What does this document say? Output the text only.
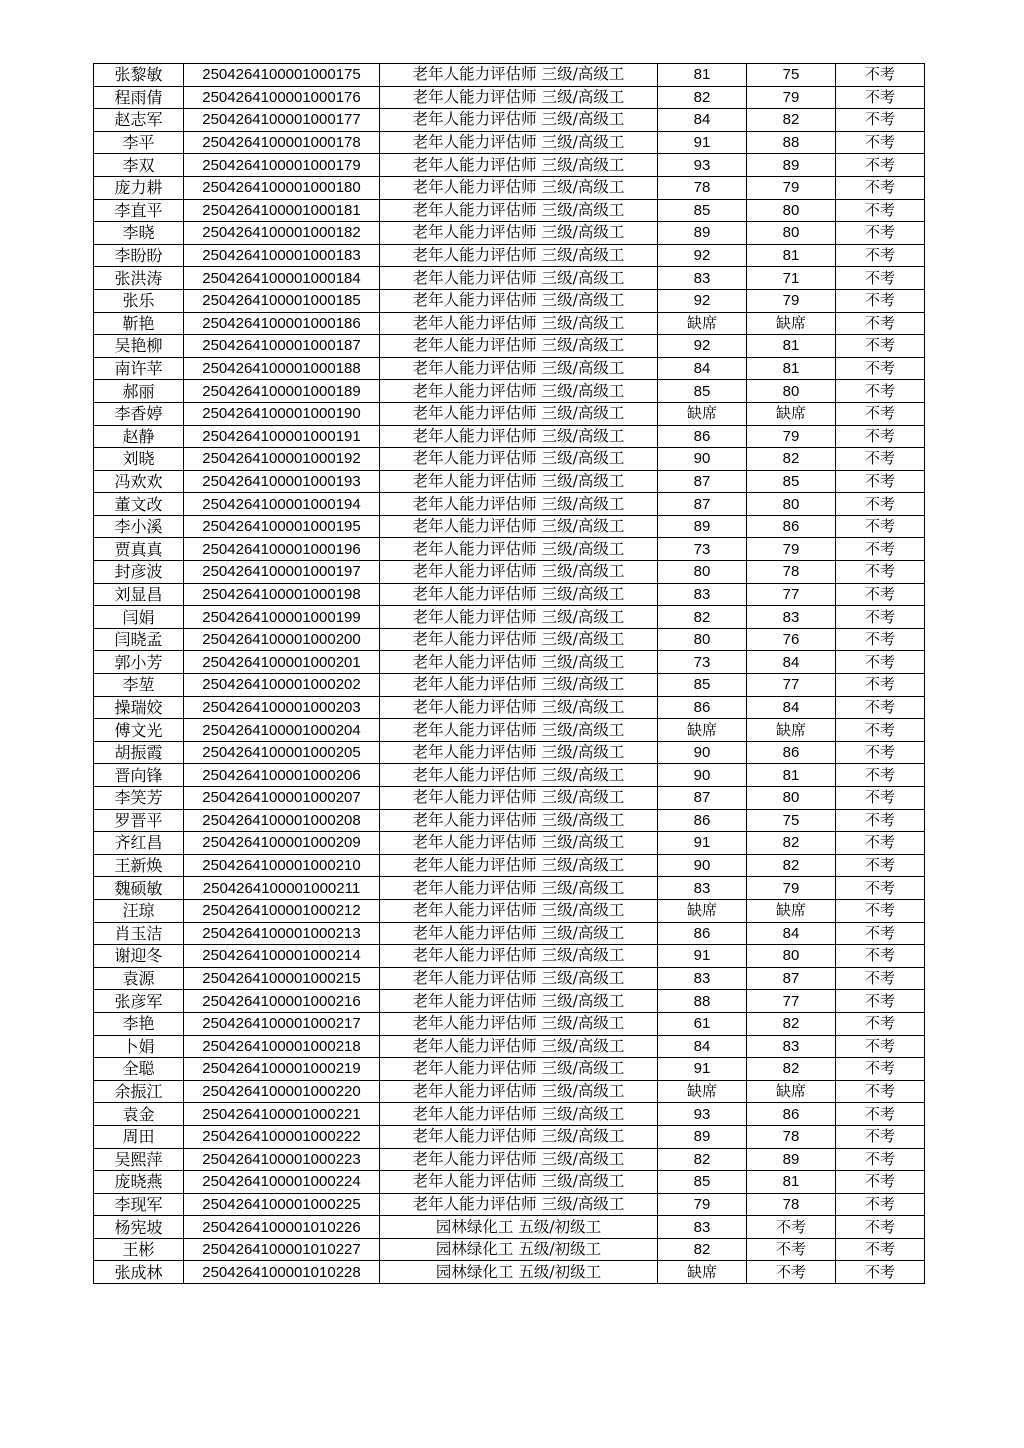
张黎敏	2504264100001000175	老年人能力评估师 三级/高级工	81	75	不考
程雨倩	2504264100001000176	老年人能力评估师 三级/高级工	82	79	不考
赵志军	2504264100001000177	老年人能力评估师 三级/高级工	84	82	不考
李平	2504264100001000178	老年人能力评估师 三级/高级工	91	88	不考
李双	2504264100001000179	老年人能力评估师 三级/高级工	93	89	不考
庞力耕	2504264100001000180	老年人能力评估师 三级/高级工	78	79	不考
李直平	2504264100001000181	老年人能力评估师 三级/高级工	85	80	不考
李晓	2504264100001000182	老年人能力评估师 三级/高级工	89	80	不考
李盼盼	2504264100001000183	老年人能力评估师 三级/高级工	92	81	不考
张洪涛	2504264100001000184	老年人能力评估师 三级/高级工	83	71	不考
张乐	2504264100001000185	老年人能力评估师 三级/高级工	92	79	不考
靳艳	2504264100001000186	老年人能力评估师 三级/高级工	缺席	缺席	不考
吴艳柳	2504264100001000187	老年人能力评估师 三级/高级工	92	81	不考
南许苹	2504264100001000188	老年人能力评估师 三级/高级工	84	81	不考
郝丽	2504264100001000189	老年人能力评估师 三级/高级工	85	80	不考
李香婷	2504264100001000190	老年人能力评估师 三级/高级工	缺席	缺席	不考
赵静	2504264100001000191	老年人能力评估师 三级/高级工	86	79	不考
刘晓	2504264100001000192	老年人能力评估师 三级/高级工	90	82	不考
冯欢欢	2504264100001000193	老年人能力评估师 三级/高级工	87	85	不考
董文改	2504264100001000194	老年人能力评估师 三级/高级工	87	80	不考
李小溪	2504264100001000195	老年人能力评估师 三级/高级工	89	86	不考
贾真真	2504264100001000196	老年人能力评估师 三级/高级工	73	79	不考
封彦波	2504264100001000197	老年人能力评估师 三级/高级工	80	78	不考
刘显昌	2504264100001000198	老年人能力评估师 三级/高级工	83	77	不考
闫娟	2504264100001000199	老年人能力评估师 三级/高级工	82	83	不考
闫晓孟	2504264100001000200	老年人能力评估师 三级/高级工	80	76	不考
郭小芳	2504264100001000201	老年人能力评估师 三级/高级工	73	84	不考
李堃	2504264100001000202	老年人能力评估师 三级/高级工	85	77	不考
操瑞姣	2504264100001000203	老年人能力评估师 三级/高级工	86	84	不考
傅文光	2504264100001000204	老年人能力评估师 三级/高级工	缺席	缺席	不考
胡振霞	2504264100001000205	老年人能力评估师 三级/高级工	90	86	不考
晋向锋	2504264100001000206	老年人能力评估师 三级/高级工	90	81	不考
李笑芳	2504264100001000207	老年人能力评估师 三级/高级工	87	80	不考
罗晋平	2504264100001000208	老年人能力评估师 三级/高级工	86	75	不考
齐红昌	2504264100001000209	老年人能力评估师 三级/高级工	91	82	不考
王新焕	2504264100001000210	老年人能力评估师 三级/高级工	90	82	不考
魏硕敏	2504264100001000211	老年人能力评估师 三级/高级工	83	79	不考
汪琼	2504264100001000212	老年人能力评估师 三级/高级工	缺席	缺席	不考
肖玉洁	2504264100001000213	老年人能力评估师 三级/高级工	86	84	不考
谢迎冬	2504264100001000214	老年人能力评估师 三级/高级工	91	80	不考
袁源	2504264100001000215	老年人能力评估师 三级/高级工	83	87	不考
张彦军	2504264100001000216	老年人能力评估师 三级/高级工	88	77	不考
李艳	2504264100001000217	老年人能力评估师 三级/高级工	61	82	不考
卜娟	2504264100001000218	老年人能力评估师 三级/高级工	84	83	不考
全聪	2504264100001000219	老年人能力评估师 三级/高级工	91	82	不考
余振江	2504264100001000220	老年人能力评估师 三级/高级工	缺席	缺席	不考
袁金	2504264100001000221	老年人能力评估师 三级/高级工	93	86	不考
周田	2504264100001000222	老年人能力评估师 三级/高级工	89	78	不考
吴熙萍	2504264100001000223	老年人能力评估师 三级/高级工	82	89	不考
庞晓燕	2504264100001000224	老年人能力评估师 三级/高级工	85	81	不考
李现军	2504264100001000225	老年人能力评估师 三级/高级工	79	78	不考
杨宪坡	2504264100001010226	园林绿化工 五级/初级工	83	不考	不考
王彬	2504264100001010227	园林绿化工 五级/初级工	82	不考	不考
张成林	2504264100001010228	园林绿化工 五级/初级工	缺席	不考	不考
